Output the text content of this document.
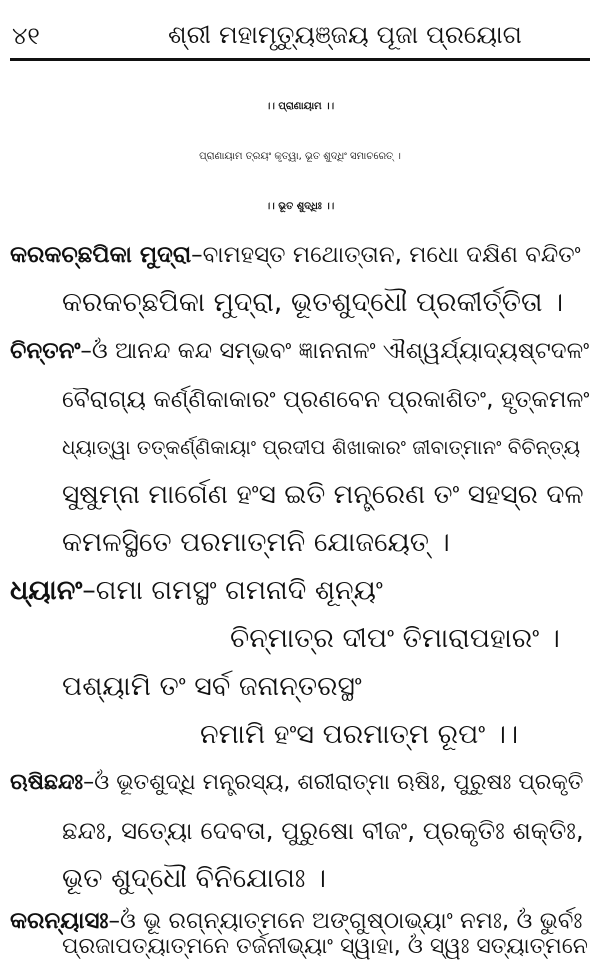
୪୧	ଶ୍ରୀ ମହାମୃତ୍ୟୁଞ୍ଜୟ ପୂଜା ପ୍ରୟୋଗ
।। ପ୍ରାଣାୟାମ ।।
ପ୍ରାଣାୟାମ ତ୍ରୟଂ କୃତ୍ୱା, ଭୂତ ଶୁଦ୍ଧିଂ ସମାଚରେତ୍ ।
।। ଭୂତ ଶୁଦ୍ଧିଃ ।।
କରକଚ୍ଛପିକା ମୁଦ୍ରା–ବାମହସ୍ତ ମଥୋତ୍ତାନ, ମଧୋ ଦକ୍ଷିଣ ବନ୍ଦିତଂ
କରକଚ୍ଛପିକା ମୁଦ୍ରା, ଭୂତଶୁଦ୍ଧୌ ପ୍ରକୀର୍ତ୍ତିତା ।
ଚିନ୍ତନଂ–ଓଁ ଆନନ୍ଦ କନ୍ଦ ସମ୍ଭବଂ ଜ୍ଞାନନାଳଂ ଐଶ୍ୱର୍ଯ୍ୟାଦ୍ୟଷ୍ଟଦଳଂ
ବୈରାଗ୍ୟ କର୍ଣ୍ଣିକାକାରଂ ପ୍ରଣବେନ ପ୍ରକାଶିତଂ, ହୃତ୍କମଳଂ
ଧ୍ୟାତ୍ୱା ତତ୍‌କର୍ଣ୍ଣିକାୟାଂ ପ୍ରଦୀପ ଶିଖାକାରଂ ଜୀବାତ୍ମାନଂ ବିଚିନ୍ତ୍ୟ
ସୁଷୁମ୍ନା ମାର୍ଗେଣ ହଂସ ଇତି ମନ୍ତ୍ରେଣ ତଂ ସହସ୍ର ଦଳ
କମଳସ୍ଥିତେ ପରମାତ୍ମନି ଯୋଜୟେତ୍ ।
ଧ୍ୟାନଂ–ଗମା ଗମସ୍ଥଂ ଗମନାଦି ଶୂନ୍ୟଂ
ଚିନ୍ମାତ୍ର ଦୀପଂ ତିମାରାପହାରଂ ।
ପଶ୍ୟାମି ତଂ ସର୍ବ ଜନାନ୍ତରସ୍ଥଂ
ନମାମି ହଂସ ପରମାତ୍ମ ରୂପଂ ।।
ଋଷିଛନ୍ଦଃ–ଓଁ ଭୂତଶୁଦ୍ଧି ମନ୍ତ୍ରସ୍ୟ, ଶରୀରାତ୍ମା ଋଷିଃ, ପୁରୁଷଃ ପ୍ରକୃତି
ଛନ୍ଦଃ, ସତ୍ୟୋ ଦେବତା, ପୁରୁଷୋ ବୀଜଂ, ପ୍ରକୃତିଃ ଶକ୍ତିଃ,
ଭୂତ ଶୁଦ୍ଧୌ ବିନିଯୋଗଃ ।
କରନ୍ୟାସଃ–ଓଁ ଭୂ ରଗ୍ନ୍ୟାତ୍ମନେ ଅଙ୍ଗୁଷ୍ଠାଭ୍ୟାଂ ନମଃ, ଓଁ ଭୁର୍ବଃ
ପ୍ରଜାପତ୍ୟାତ୍ମନେ ତର୍ଜନୀଭ୍ୟାଂ ସ୍ୱାହା, ଓଁ ସ୍ୱଃ ସତ୍ୟାତ୍ମନେ
